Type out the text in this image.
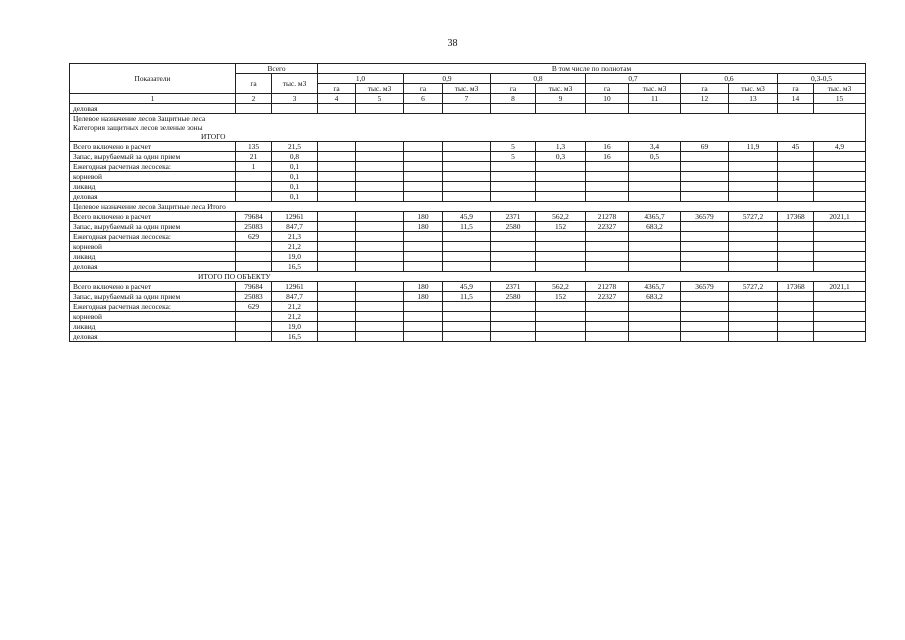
38
Показатели	Всего		В том числе по полнотам											
	га	тыс. м3	1,0		0,9		0,8		0,7		0,6		0,3-0,5	
			га	тыс. м3	га	тыс. м3	га	тыс. м3	га	тыс. м3	га	тыс. м3	га	тыс. м3
1	2	3	4	5	6	7	8	9	10	11	12	13	14	15
деловая														
Целевое назначение лесов Защитные леса														
Категория защитных лесов зеленые зоны														
ИТОГО														
Всего включено в расчет	135	21,5					5	1,3	16	3,4	69	11,9	45	4,9
Запас, вырубаемый за один прием	21	0,8					5	0,3	16	0,5				
Ежегодная расчетная лесосека:	1	0,1												
корневой		0,1												
ликвид		0,1												
деловая		0,1												
Целевое назначение лесов Защитные леса Итого														
Всего включено в расчет	79684	12961			180	45,9	2371	562,2	21278	4365,7	36579	5727,2	17368	2021,1
Запас, вырубаемый за один прием	25083	847,7			180	11,5	2580	152	22327	683,2				
Ежегодная расчетная лесосека:	629	21,3												
корневой		21,2												
ликвид		19,0												
деловая		16,5												
ИТОГО ПО ОБЪЕКТУ														
Всего включено в расчет	79684	12961			180	45,9	2371	562,2	21278	4365,7	36579	5727,2	17368	2021,1
Запас, вырубаемый за один прием	25083	847,7			180	11,5	2580	152	22327	683,2				
Ежегодная расчетная лесосека:	629	21,2												
корневой		21,2												
ликвид		19,0												
деловая		16,5												
